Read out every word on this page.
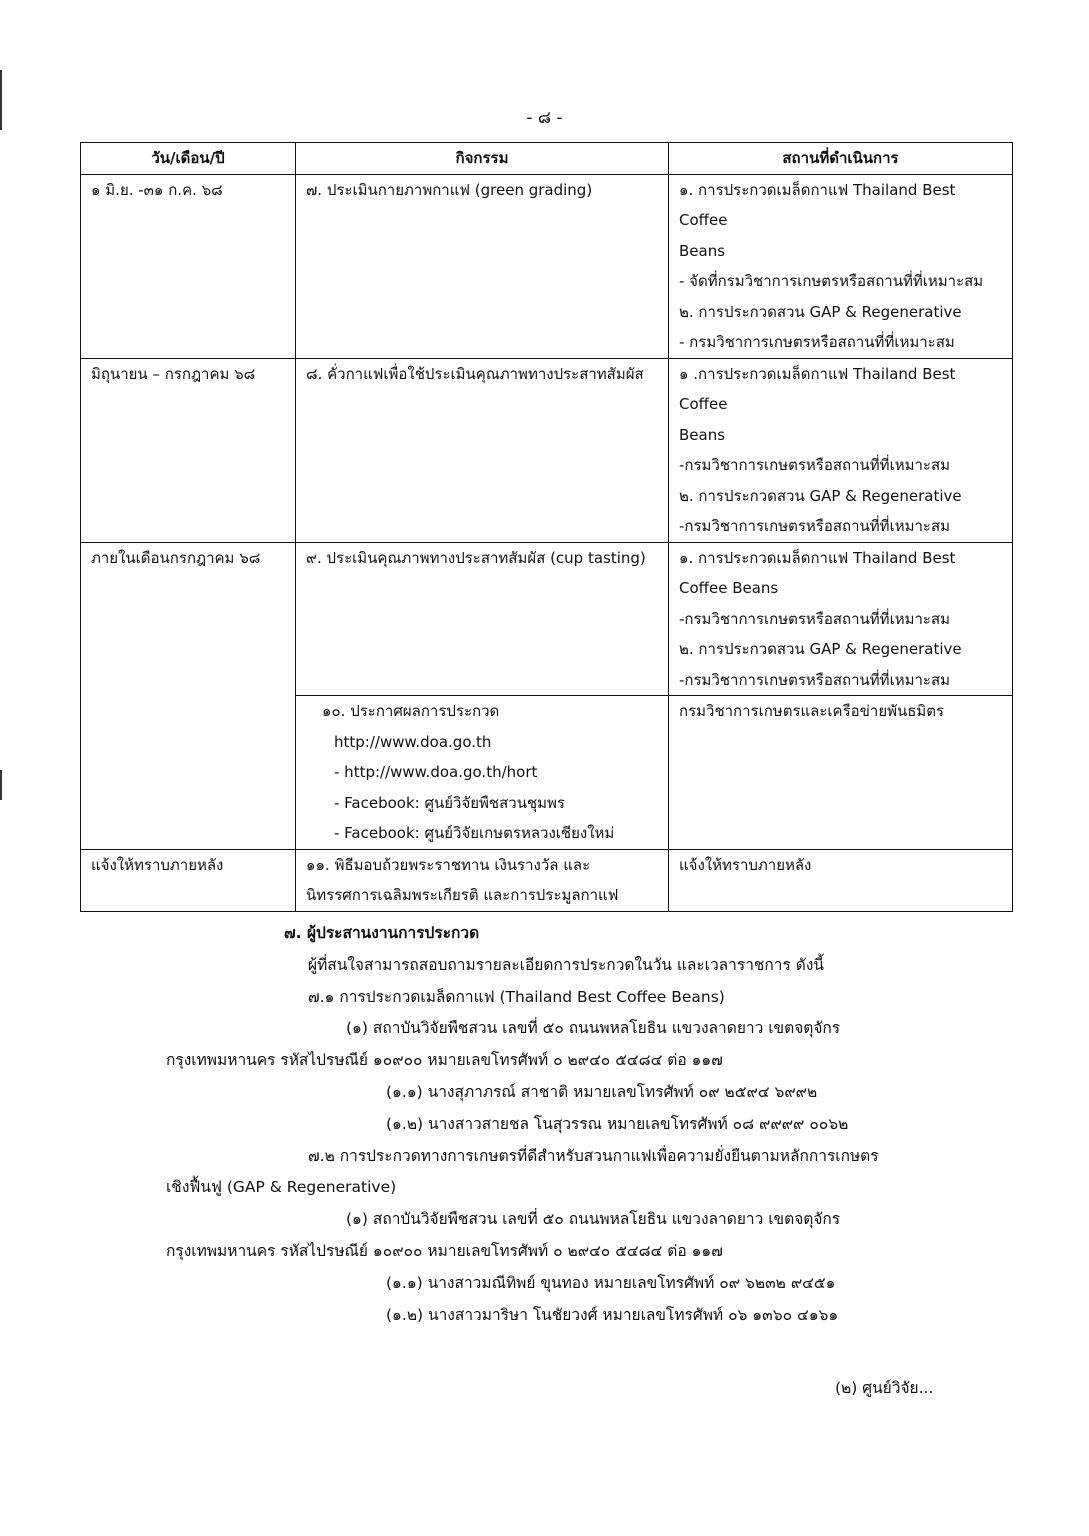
- ๘ -
วัน/เดือน/ปี	กิจกรรม	สถานที่ดำเนินการ
๑ มิ.ย. -๓๑ ก.ค. ๖๘	๗. ประเมินกายภาพกาแฟ (green grading)	๑. การประกวดเมล็ดกาแฟ Thailand Best Coffee
Beans
- จัดที่กรมวิชาการเกษตรหรือสถานที่ที่เหมาะสม
๒. การประกวดสวน GAP & Regenerative
- กรมวิชาการเกษตรหรือสถานที่ที่เหมาะสม

มิถุนายน – กรกฎาคม ๖๘	๘. คั่วกาแฟเพื่อใช้ประเมินคุณภาพทางประสาทสัมผัส	๑ .การประกวดเมล็ดกาแฟ Thailand Best Coffee
Beans
-กรมวิชาการเกษตรหรือสถานที่ที่เหมาะสม
๒. การประกวดสวน GAP & Regenerative
-กรมวิชาการเกษตรหรือสถานที่ที่เหมาะสม

ภายในเดือนกรกฎาคม ๖๘	๙. ประเมินคุณภาพทางประสาทสัมผัส (cup tasting)	๑. การประกวดเมล็ดกาแฟ Thailand Best
Coffee Beans
-กรมวิชาการเกษตรหรือสถานที่ที่เหมาะสม
๒. การประกวดสวน GAP & Regenerative
-กรมวิชาการเกษตรหรือสถานที่ที่เหมาะสม

	๑๐. ประกาศผลการประกวด
http://www.doa.go.th
- http://www.doa.go.th/hort
- Facebook: ศูนย์วิจัยพืชสวนชุมพร
- Facebook: ศูนย์วิจัยเกษตรหลวงเชียงใหม่	กรมวิชาการเกษตรและเครือข่ายพันธมิตร

แจ้งให้ทราบภายหลัง	๑๑. พิธีมอบถ้วยพระราชทาน เงินรางวัล และ
นิทรรศการเฉลิมพระเกียรติ และการประมูลกาแฟ	แจ้งให้ทราบภายหลัง
๗. ผู้ประสานงานการประกวด
ผู้ที่สนใจสามารถสอบถามรายละเอียดการประกวดในวัน และเวลาราชการ ดังนี้
๗.๑ การประกวดเมล็ดกาแฟ (Thailand Best Coffee Beans)
(๑) สถาบันวิจัยพืชสวน เลขที่ ๕๐ ถนนพหลโยธิน แขวงลาดยาว เขตจตุจักร
กรุงเทพมหานคร รหัสไปรษณีย์ ๑๐๙๐๐ หมายเลขโทรศัพท์ ๐ ๒๙๔๐ ๕๔๘๔ ต่อ ๑๑๗
(๑.๑) นางสุภาภรณ์ สาชาติ หมายเลขโทรศัพท์ ๐๙ ๒๕๙๔ ๖๙๙๒
(๑.๒) นางสาวสายชล โนสุวรรณ หมายเลขโทรศัพท์ ๐๘ ๙๙๙๙ ๐๐๖๒
๗.๒ การประกวดทางการเกษตรที่ดีสำหรับสวนกาแฟเพื่อความยั่งยืนตามหลักการเกษตร
เชิงฟื้นฟู (GAP & Regenerative)
(๑) สถาบันวิจัยพืชสวน เลขที่ ๕๐ ถนนพหลโยธิน แขวงลาดยาว เขตจตุจักร
กรุงเทพมหานคร รหัสไปรษณีย์ ๑๐๙๐๐ หมายเลขโทรศัพท์ ๐ ๒๙๔๐ ๕๔๘๔ ต่อ ๑๑๗
(๑.๑) นางสาวมณีทิพย์ ขุนทอง หมายเลขโทรศัพท์ ๐๙ ๖๒๓๒ ๙๔๕๑
(๑.๒) นางสาวมาริษา โนชัยวงศ์ หมายเลขโทรศัพท์ ๐๖ ๑๓๖๐ ๔๑๖๑
(๒) ศูนย์วิจัย...
